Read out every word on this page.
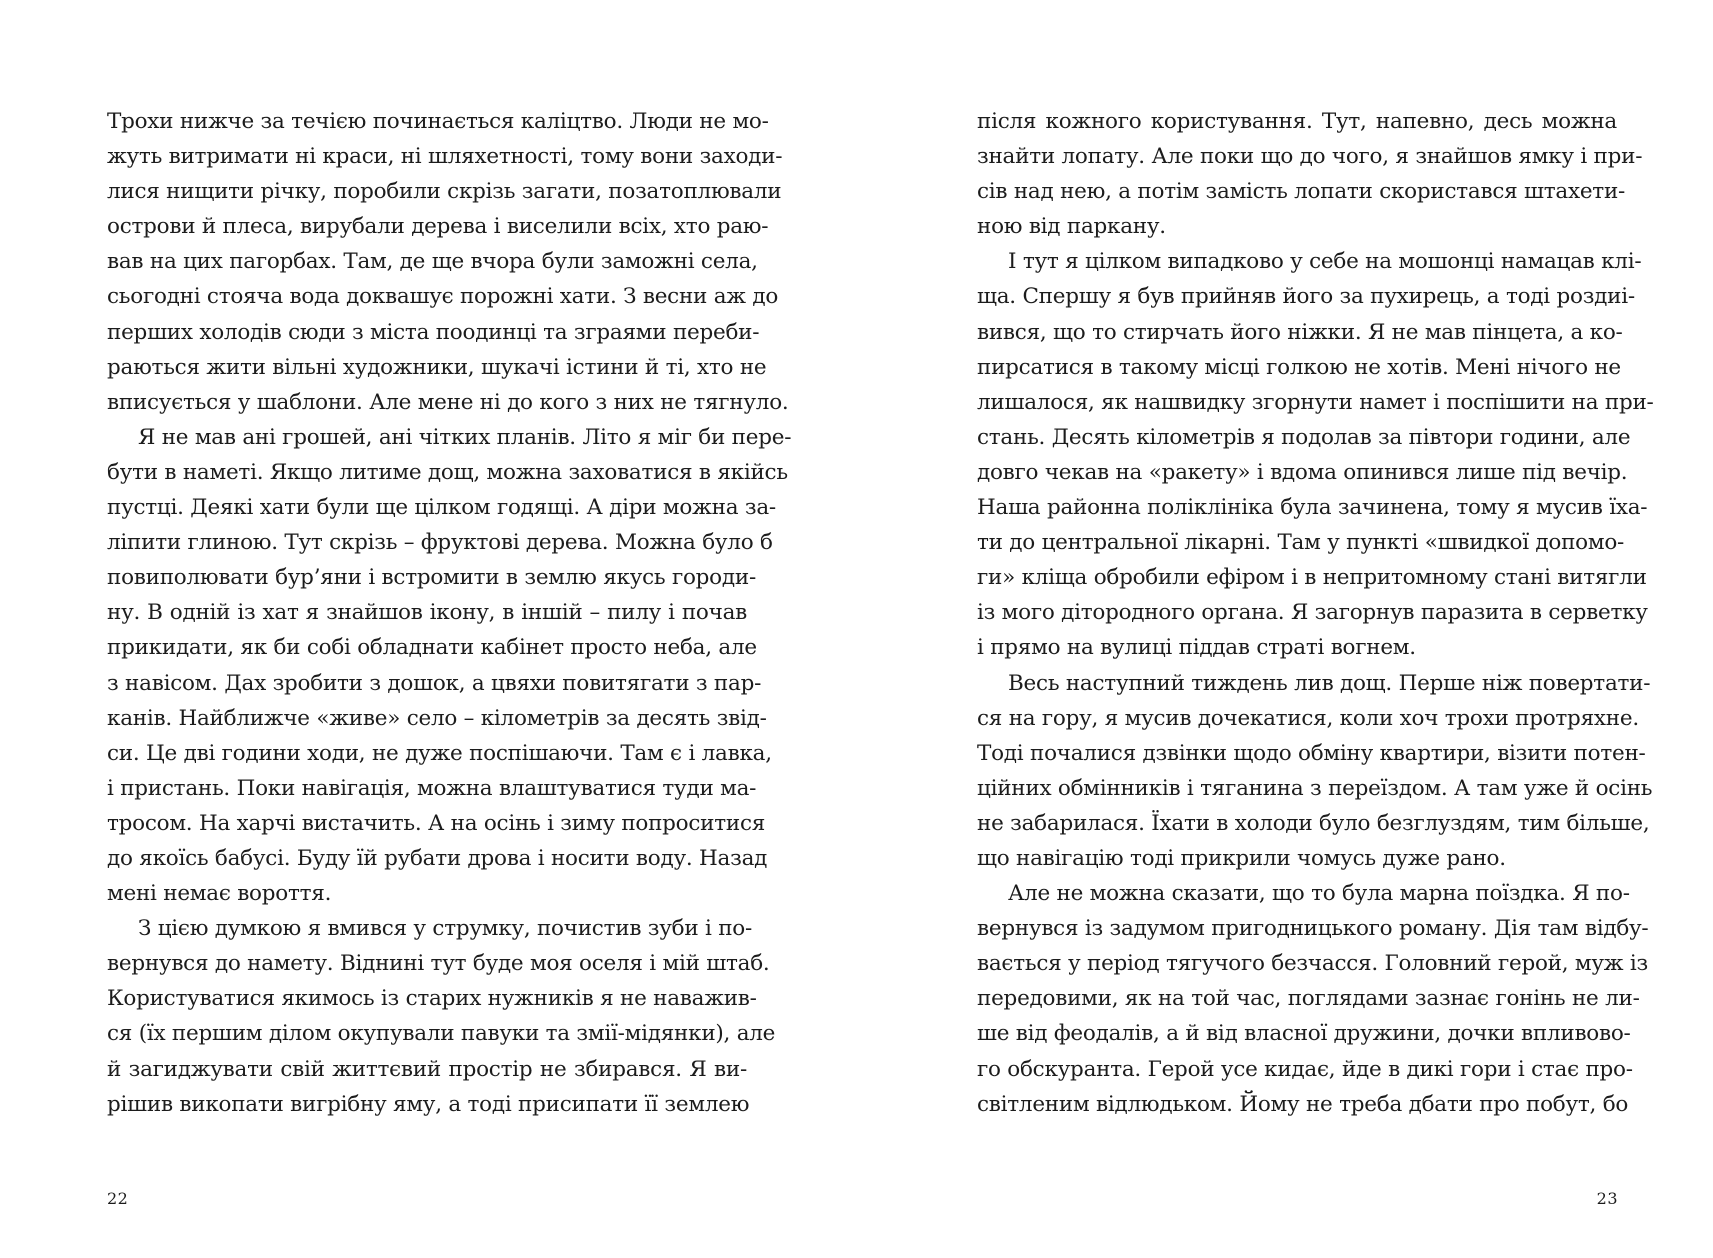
Трохи нижче за течією починається каліцтво. Люди не мо-
жуть витримати ні краси, ні шляхетності, тому вони заходи-
лися нищити річку, поробили скрізь загати, позатоплювали
острови й плеса, вирубали дерева і виселили всіх, хто раю-
вав на цих пагорбах. Там, де ще вчора були заможні села,
сьогодні стояча вода доквашує порожні хати. З весни аж до
перших холодів сюди з міста поодинці та зграями переби-
раються жити вільні художники, шукачі істини й ті, хто не
вписується у шаблони. Але мене ні до кого з них не тягнуло.
Я не мав ані грошей, ані чітких планів. Літо я міг би пере-
бути в наметі. Якщо литиме дощ, можна заховатися в якійсь
пустці. Деякі хати були ще цілком годящі. А діри можна за-
ліпити глиною. Тут скрізь – фруктові дерева. Можна було б
повиполювати бур’яни і встромити в землю якусь городи-
ну. В одній із хат я знайшов ікону, в іншій – пилу і почав
прикидати, як би собі обладнати кабінет просто неба, але
з навісом. Дах зробити з дошок, а цвяхи повитягати з пар-
канів. Найближче «живе» село – кілометрів за десять звід-
си. Це дві години ходи, не дуже поспішаючи. Там є і лавка,
і пристань. Поки навігація, можна влаштуватися туди ма-
тросом. На харчі вистачить. А на осінь і зиму попроситися
до якоїсь бабусі. Буду їй рубати дрова і носити воду. Назад
мені немає вороття.
З цією думкою я вмився у струмку, почистив зуби і по-
вернувся до намету. Віднині тут буде моя оселя і мій штаб.
Користуватися якимось із старих нужників я не наважив-
ся (їх першим ділом окупували павуки та змії-мідянки), але
й загиджувати свій життєвий простір не збирався. Я ви-
рішив викопати вигрібну яму, а тоді присипати її землею
після кожного користування. Тут, напевно, десь можна
знайти лопату. Але поки що до чого, я знайшов ямку і при-
сів над нею, а потім замість лопати скористався штахети-
ною від паркану.
І тут я цілком випадково у себе на мошонці намацав клі-
ща. Спершу я був прийняв його за пухирець, а тоді роздиі-
вився, що то стирчать його ніжки. Я не мав пінцета, а ко-
пирсатися в такому місці голкою не хотів. Мені нічого не
лишалося, як нашвидку згорнути намет і поспішити на при-
стань. Десять кілометрів я подолав за півтори години, але
довго чекав на «ракету» і вдома опинився лише під вечір.
Наша районна поліклініка була зачинена, тому я мусив їха-
ти до центральної лікарні. Там у пункті «швидкої допомо-
ги» кліща обробили ефіром і в непритомному стані витягли
із мого дітородного органа. Я загорнув паразита в серветку
і прямо на вулиці піддав страті вогнем.
Весь наступний тиждень лив дощ. Перше ніж повертати-
ся на гору, я мусив дочекатися, коли хоч трохи протряхне.
Тоді почалися дзвінки щодо обміну квартири, візити потен-
ційних обмінників і тяганина з переїздом. А там уже й осінь
не забарилася. Їхати в холоди було безглуздям, тим більше,
що навігацію тоді прикрили чомусь дуже рано.
Але не можна сказати, що то була марна поїздка. Я по-
вернувся із задумом пригодницького роману. Дія там відбу-
вається у період тягучого безчасся. Головний герой, муж із
передовими, як на той час, поглядами зазнає гонінь не ли-
ше від феодалів, а й від власної дружини, дочки впливово-
го обскуранта. Герой усе кидає, йде в дикі гори і стає про-
світленим відлюдьком. Йому не треба дбати про побут, бо
22	23
